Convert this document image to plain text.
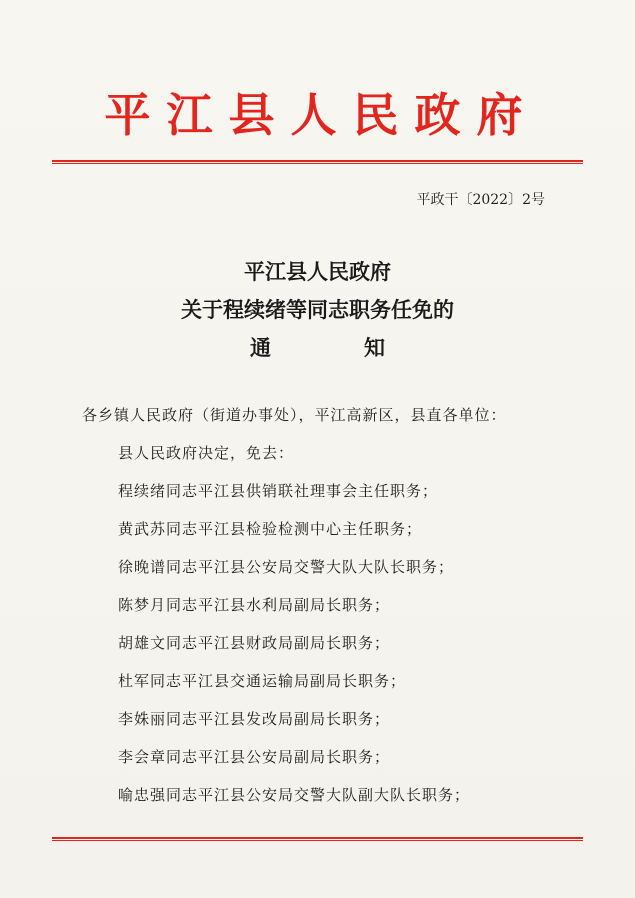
平江县人民政府
平政干〔2022〕2号
平江县人民政府
关于程续绪等同志职务任免的
通　知
各乡镇人民政府（街道办事处），平江高新区，县直各单位：
县人民政府决定，免去：
程续绪同志平江县供销联社理事会主任职务；
黄武苏同志平江县检验检测中心主任职务；
徐晚谱同志平江县公安局交警大队大队长职务；
陈梦月同志平江县水利局副局长职务；
胡雄文同志平江县财政局副局长职务；
杜军同志平江县交通运输局副局长职务；
李姝丽同志平江县发改局副局长职务；
李会章同志平江县公安局副局长职务；
喻忠强同志平江县公安局交警大队副大队长职务；
